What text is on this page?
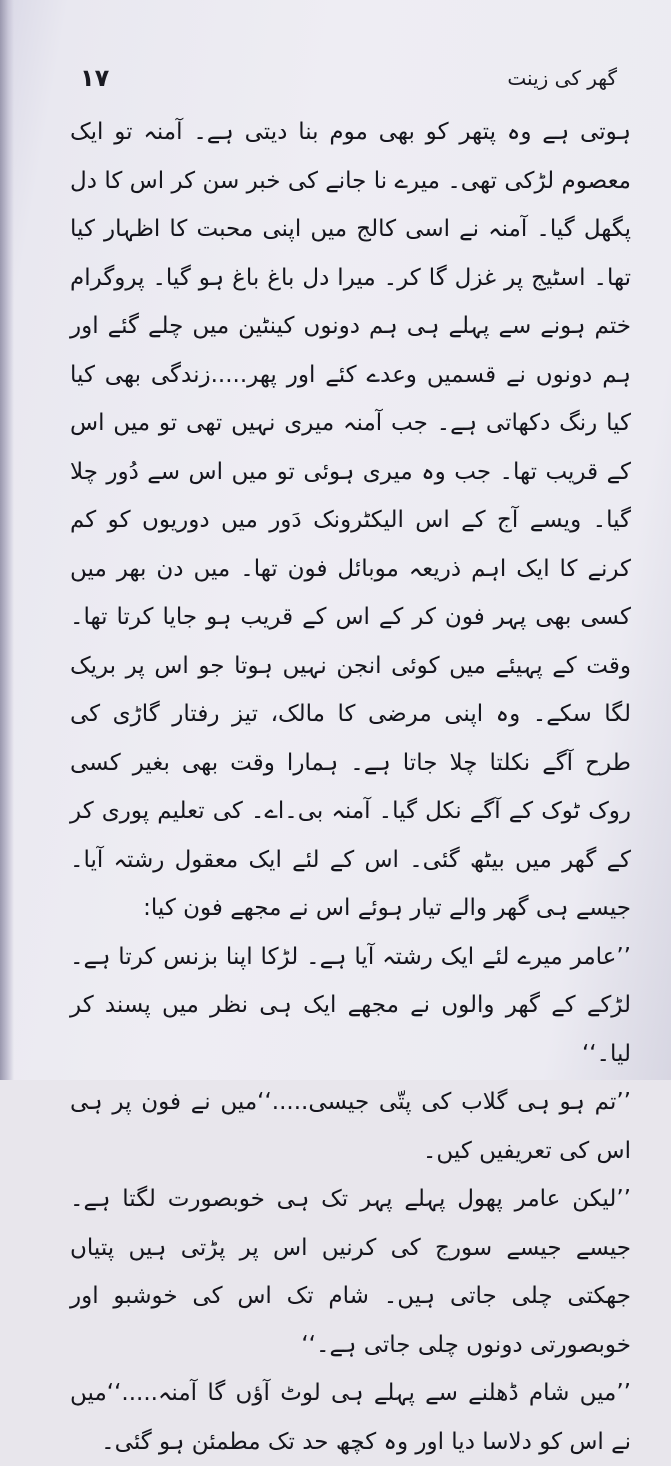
۱۷	گھر کی زینت

ہوتی ہے وہ پتھر کو بھی موم بنا دیتی ہے۔ آمنہ تو ایک معصوم لڑکی تھی۔ میرے نا جانے کی خبر سن کر اس کا دل پگھل گیا۔ آمنہ نے اسی کالج میں اپنی محبت کا اظہار کیا تھا۔ اسٹیج پر غزل گا کر۔ میرا دل باغ باغ ہو گیا۔ پروگرام ختم ہونے سے پہلے ہی ہم دونوں کینٹین میں چلے گئے اور ہم دونوں نے قسمیں وعدے کئے اور پھر.....زندگی بھی کیا کیا رنگ دکھاتی ہے۔ جب آمنہ میری نہیں تھی تو میں اس کے قریب تھا۔ جب وہ میری ہوئی تو میں اس سے دُور چلا گیا۔ ویسے آج کے اس الیکٹرونک دَور میں دوریوں کو کم کرنے کا ایک اہم ذریعہ موبائل فون تھا۔ میں دن بھر میں کسی بھی پہر فون کر کے اس کے قریب ہو جایا کرتا تھا۔ وقت کے پہیئے میں کوئی انجن نہیں ہوتا جو اس پر بریک لگا سکے۔ وہ اپنی مرضی کا مالک، تیز رفتار گاڑی کی طرح آگے نکلتا چلا جاتا ہے۔ ہمارا وقت بھی بغیر کسی روک ٹوک کے آگے نکل گیا۔ آمنہ بی۔اے۔ کی تعلیم پوری کر کے گھر میں بیٹھ گئی۔ اس کے لئے ایک معقول رشتہ آیا۔ جیسے ہی گھر والے تیار ہوئے اس نے مجھے فون کیا:

’’عامر میرے لئے ایک رشتہ آیا ہے۔ لڑکا اپنا بزنس کرتا ہے۔ لڑکے کے گھر والوں نے مجھے ایک ہی نظر میں پسند کر لیا۔‘‘

’’تم ہو ہی گلاب کی پتّی جیسی.....‘‘میں نے فون پر ہی اس کی تعریفیں کیں۔

’’لیکن عامر پھول پہلے پہر تک ہی خوبصورت لگتا ہے۔ جیسے جیسے سورج کی کرنیں اس پر پڑتی ہیں پتیاں جھکتی چلی جاتی ہیں۔ شام تک اس کی خوشبو اور خوبصورتی دونوں چلی جاتی ہے۔‘‘

’’میں شام ڈھلنے سے پہلے ہی لوٹ آؤں گا آمنہ.....‘‘میں نے اس کو دلاسا دیا اور وہ کچھ حد تک مطمئن ہو گئی۔
